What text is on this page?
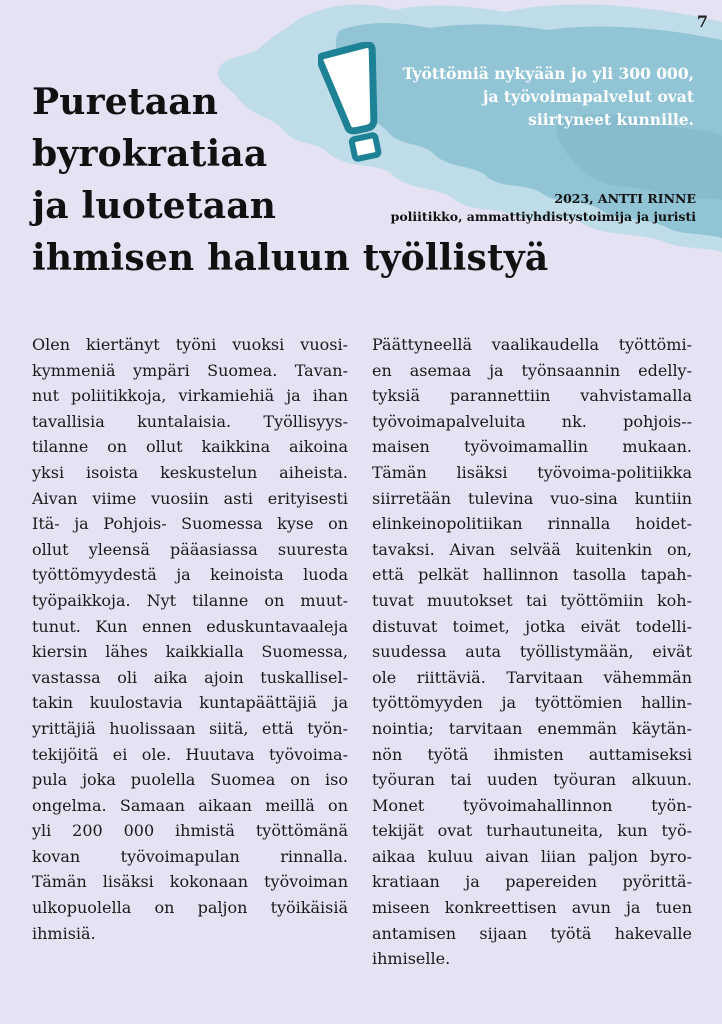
7
Puretaan
byrokratiaa
ja luotetaan
ihmisen haluun työllistyä
Työttömiä nykyään jo yli 300 000,
ja työvoimapalvelut ovat
siirtyneet kunnille.
2023, ANTTI RINNE
poliitikko, ammattiyhdistystoimija ja juristi
Olen kiertänyt työni vuoksi vuosi-
kymmeniä ympäri Suomea. Tavan-
nut poliitikkoja, virkamiehiä ja ihan
tavallisia kuntalaisia. Työllisyys-
tilanne on ollut kaikkina aikoina
yksi isoista keskustelun aiheista.
Aivan viime vuosiin asti erityisesti
Itä- ja Pohjois- Suomessa kyse on
ollut yleensä pääasiassa suuresta
työttömyydestä ja keinoista luoda
työpaikkoja. Nyt tilanne on muut-
tunut. Kun ennen eduskuntavaaleja
kiersin lähes kaikkialla Suomessa,
vastassa oli aika ajoin tuskallisel-
takin kuulostavia kuntapäättäjiä ja
yrittäjiä huolissaan siitä, että työn-
tekijöitä ei ole. Huutava työvoima-
pula joka puolella Suomea on iso
ongelma. Samaan aikaan meillä on
yli 200 000 ihmistä työttömänä
kovan työvoimapulan rinnalla.
Tämän lisäksi kokonaan työvoiman
ulkopuolella on paljon työikäisiä
ihmisiä.
Päättyneellä vaalikaudella työttömi-
en asemaa ja työnsaannin edelly-
tyksiä parannettiin vahvistamalla
työvoimapalveluita nk. pohjois--
maisen työvoimamallin mukaan.
Tämän lisäksi työvoima-politiikka
siirretään tulevina vuo-sina kuntiin
elinkeinopolitiikan rinnalla hoidet-
tavaksi. Aivan selvää kuitenkin on,
että pelkät hallinnon tasolla tapah-
tuvat muutokset tai työttömiin koh-
distuvat toimet, jotka eivät todelli-
suudessa auta työllistymään, eivät
ole riittäviä. Tarvitaan vähemmän
työttömyyden ja työttömien hallin-
nointia; tarvitaan enemmän käytän-
nön työtä ihmisten auttamiseksi
työuran tai uuden työuran alkuun.
Monet työvoimahallinnon työn-
tekijät ovat turhautuneita, kun työ-
aikaa kuluu aivan liian paljon byro-
kratiaan ja papereiden pyörittä-
miseen konkreettisen avun ja tuen
antamisen sijaan työtä hakevalle
ihmiselle.
